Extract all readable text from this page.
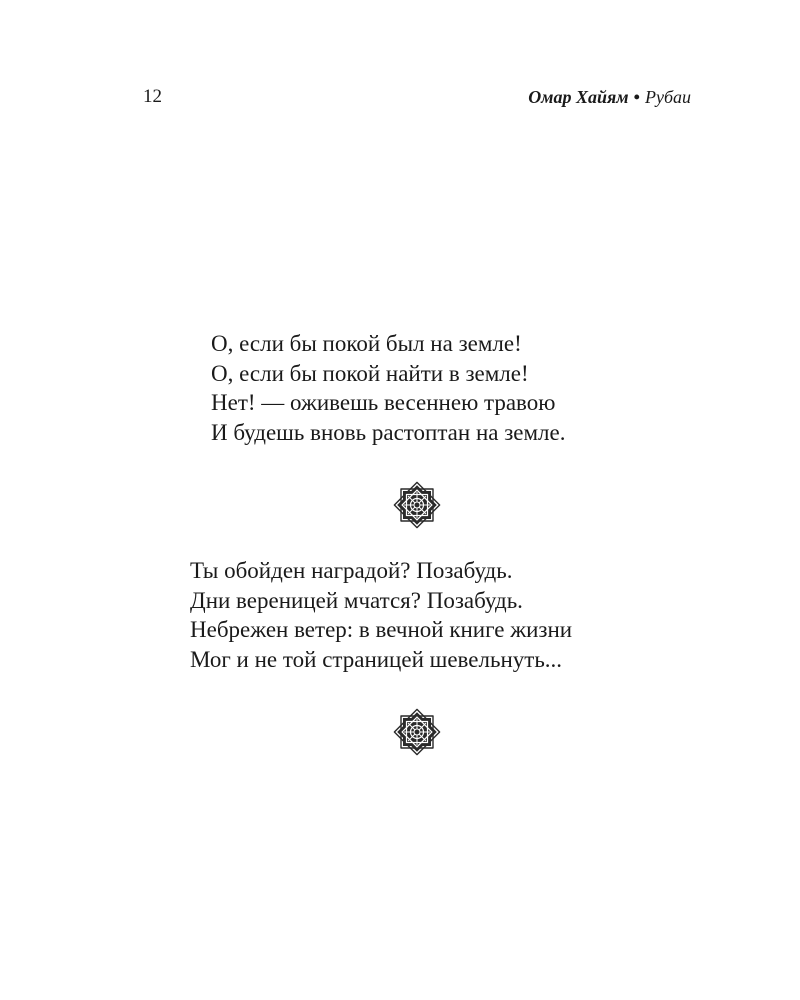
12	Омар Хайям • Рубаи
О, если бы покой был на земле!
О, если бы покой найти в земле!
Нет! — оживешь весеннею травою
И будешь вновь растоптан на земле.
Ты обойден наградой? Позабудь.
Дни вереницей мчатся? Позабудь.
Небрежен ветер: в вечной книге жизни
Мог и не той страницей шевельнуть...
